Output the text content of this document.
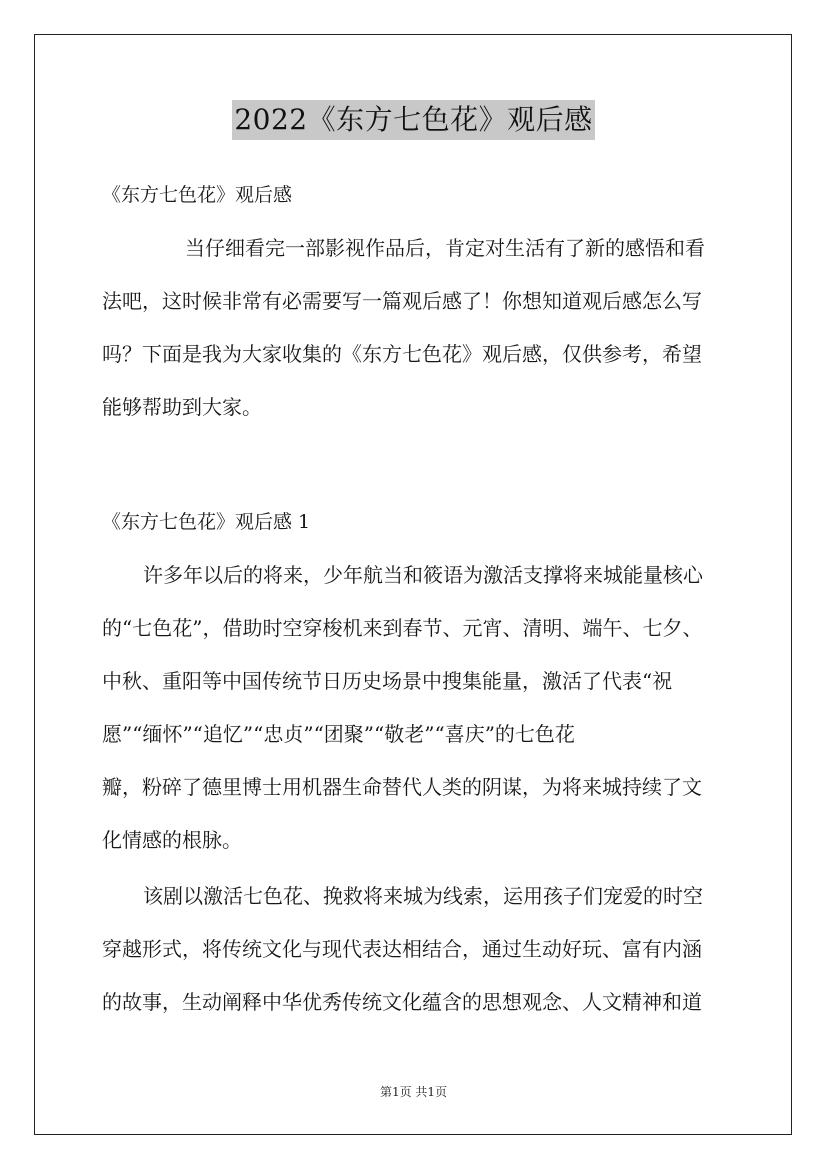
2022《东方七色花》观后感
《东方七色花》观后感
当仔细看完一部影视作品后，肯定对生活有了新的感悟和看
法吧，这时候非常有必需要写一篇观后感了！你想知道观后感怎么写
吗？下面是我为大家收集的《东方七色花》观后感，仅供参考，希望
能够帮助到大家。
《东方七色花》观后感 1
许多年以后的将来，少年航当和筱语为激活支撑将来城能量核心
的“七色花”，借助时空穿梭机来到春节、元宵、清明、端午、七夕、
中秋、重阳等中国传统节日历史场景中搜集能量，激活了代表“祝
愿”“缅怀”“追忆”“忠贞”“团聚”“敬老”“喜庆”的七色花
瓣，粉碎了德里博士用机器生命替代人类的阴谋，为将来城持续了文
化情感的根脉。
该剧以激活七色花、挽救将来城为线索，运用孩子们宠爱的时空
穿越形式，将传统文化与现代表达相结合，通过生动好玩、富有内涵
的故事，生动阐释中华优秀传统文化蕴含的思想观念、人文精神和道
第1页 共1页
